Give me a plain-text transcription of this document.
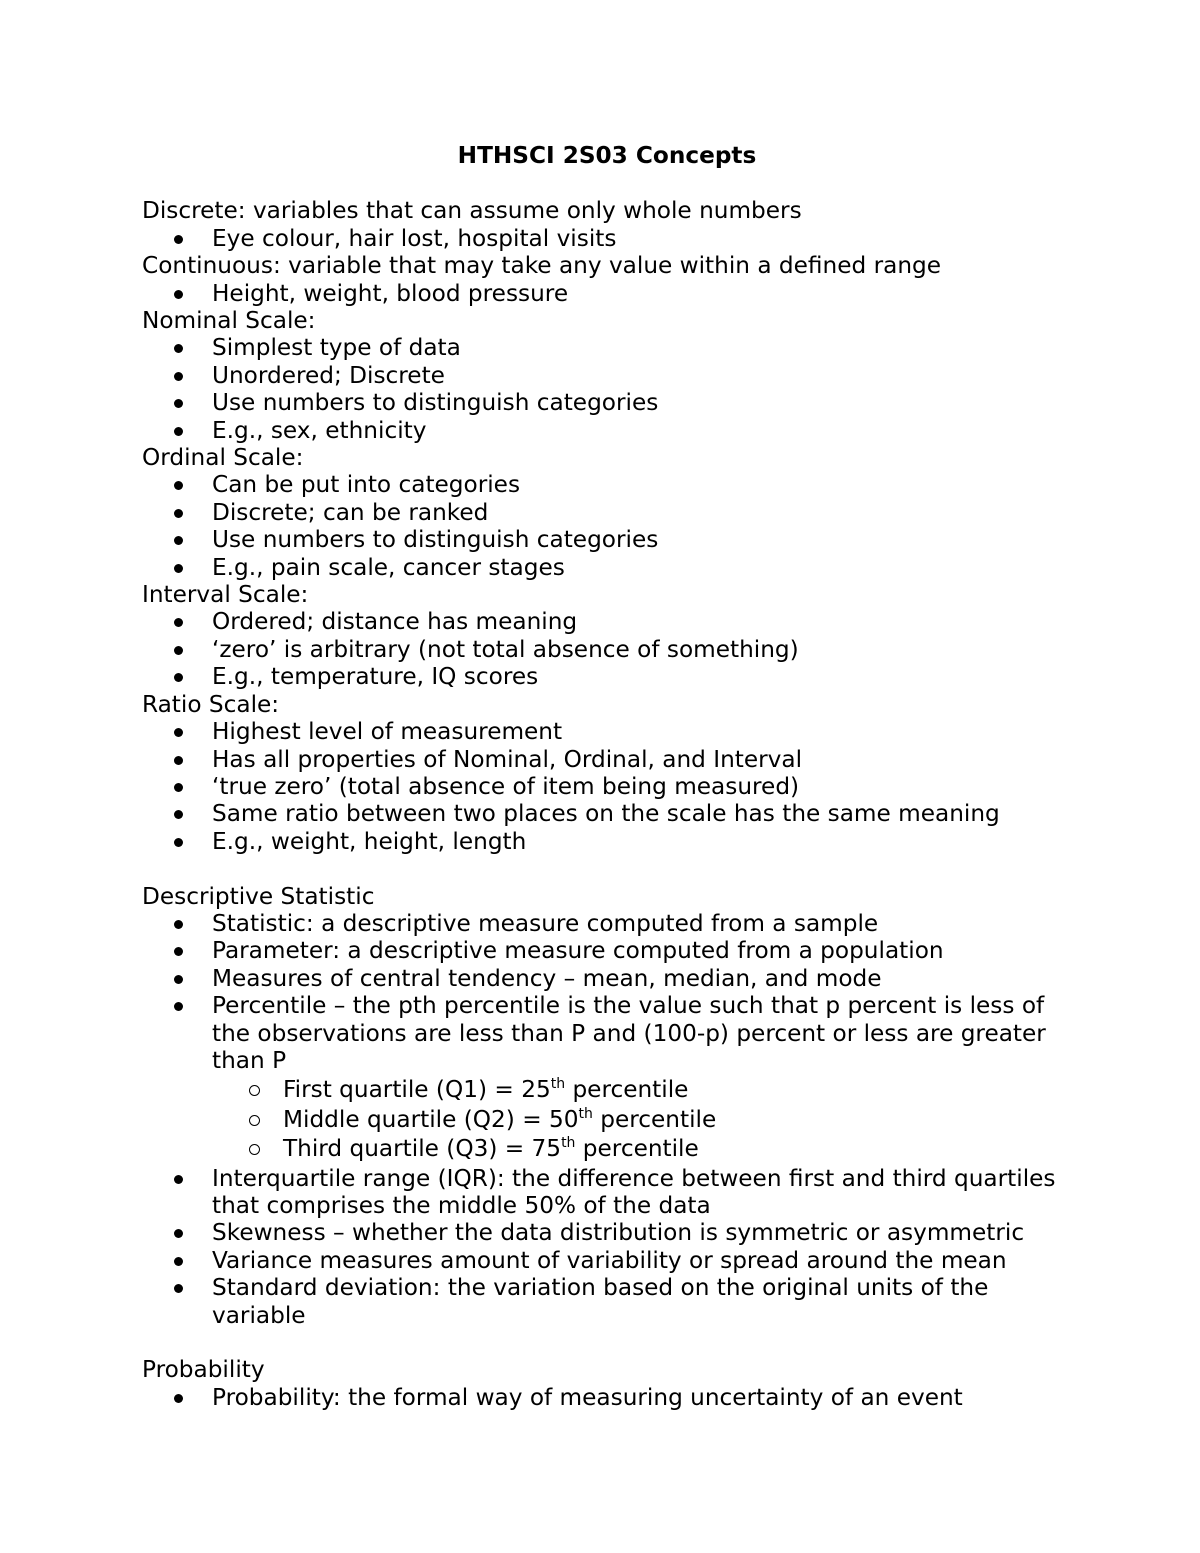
HTHSCI 2S03 Concepts
Discrete: variables that can assume only whole numbers
Eye colour, hair lost, hospital visits
Continuous: variable that may take any value within a defined range
Height, weight, blood pressure
Nominal Scale:
Simplest type of data
Unordered; Discrete
Use numbers to distinguish categories
E.g., sex, ethnicity
Ordinal Scale:
Can be put into categories
Discrete; can be ranked
Use numbers to distinguish categories
E.g., pain scale, cancer stages
Interval Scale:
Ordered; distance has meaning
‘zero’ is arbitrary (not total absence of something)
E.g., temperature, IQ scores
Ratio Scale:
Highest level of measurement
Has all properties of Nominal, Ordinal, and Interval
‘true zero’ (total absence of item being measured)
Same ratio between two places on the scale has the same meaning
E.g., weight, height, length
Descriptive Statistic
Statistic: a descriptive measure computed from a sample
Parameter: a descriptive measure computed from a population
Measures of central tendency – mean, median, and mode
Percentile – the pth percentile is the value such that p percent is less of the observations are less than P and (100-p) percent or less are greater than P
First quartile (Q1) = 25th percentile
Middle quartile (Q2) = 50th percentile
Third quartile (Q3) = 75th percentile
Interquartile range (IQR): the difference between first and third quartiles that comprises the middle 50% of the data
Skewness – whether the data distribution is symmetric or asymmetric
Variance measures amount of variability or spread around the mean
Standard deviation: the variation based on the original units of the variable
Probability
Probability: the formal way of measuring uncertainty of an event
